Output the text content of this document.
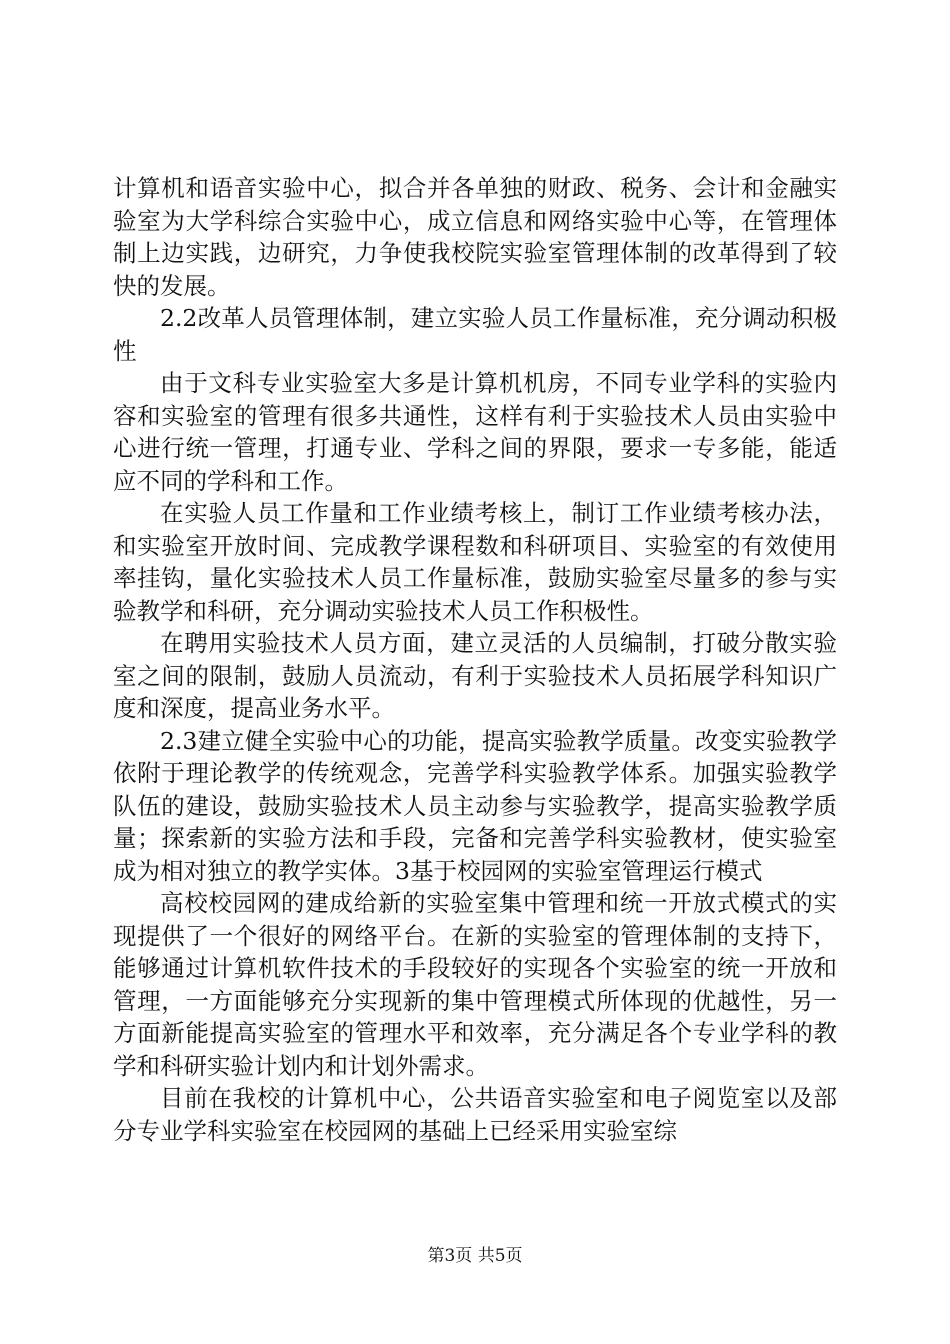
计算机和语音实验中心，拟合并各单独的财政、税务、会计和金融实验室为大学科综合实验中心，成立信息和网络实验中心等，在管理体制上边实践，边研究，力争使我校院实验室管理体制的改革得到了较快的发展。

2.2改革人员管理体制，建立实验人员工作量标准，充分调动积极性

由于文科专业实验室大多是计算机机房，不同专业学科的实验内容和实验室的管理有很多共通性，这样有利于实验技术人员由实验中心进行统一管理，打通专业、学科之间的界限，要求一专多能，能适应不同的学科和工作。

在实验人员工作量和工作业绩考核上，制订工作业绩考核办法，和实验室开放时间、完成教学课程数和科研项目、实验室的有效使用率挂钩，量化实验技术人员工作量标准，鼓励实验室尽量多的参与实验教学和科研，充分调动实验技术人员工作积极性。

在聘用实验技术人员方面，建立灵活的人员编制，打破分散实验室之间的限制，鼓励人员流动，有利于实验技术人员拓展学科知识广度和深度，提高业务水平。

2.3建立健全实验中心的功能，提高实验教学质量。改变实验教学依附于理论教学的传统观念，完善学科实验教学体系。加强实验教学队伍的建设，鼓励实验技术人员主动参与实验教学，提高实验教学质量；探索新的实验方法和手段，完备和完善学科实验教材，使实验室成为相对独立的教学实体。3基于校园网的实验室管理运行模式

高校校园网的建成给新的实验室集中管理和统一开放式模式的实现提供了一个很好的网络平台。在新的实验室的管理体制的支持下，能够通过计算机软件技术的手段较好的实现各个实验室的统一开放和管理，一方面能够充分实现新的集中管理模式所体现的优越性，另一方面新能提高实验室的管理水平和效率，充分满足各个专业学科的教学和科研实验计划内和计划外需求。

目前在我校的计算机中心，公共语音实验室和电子阅览室以及部分专业学科实验室在校园网的基础上已经采用实验室综

第3页 共5页
